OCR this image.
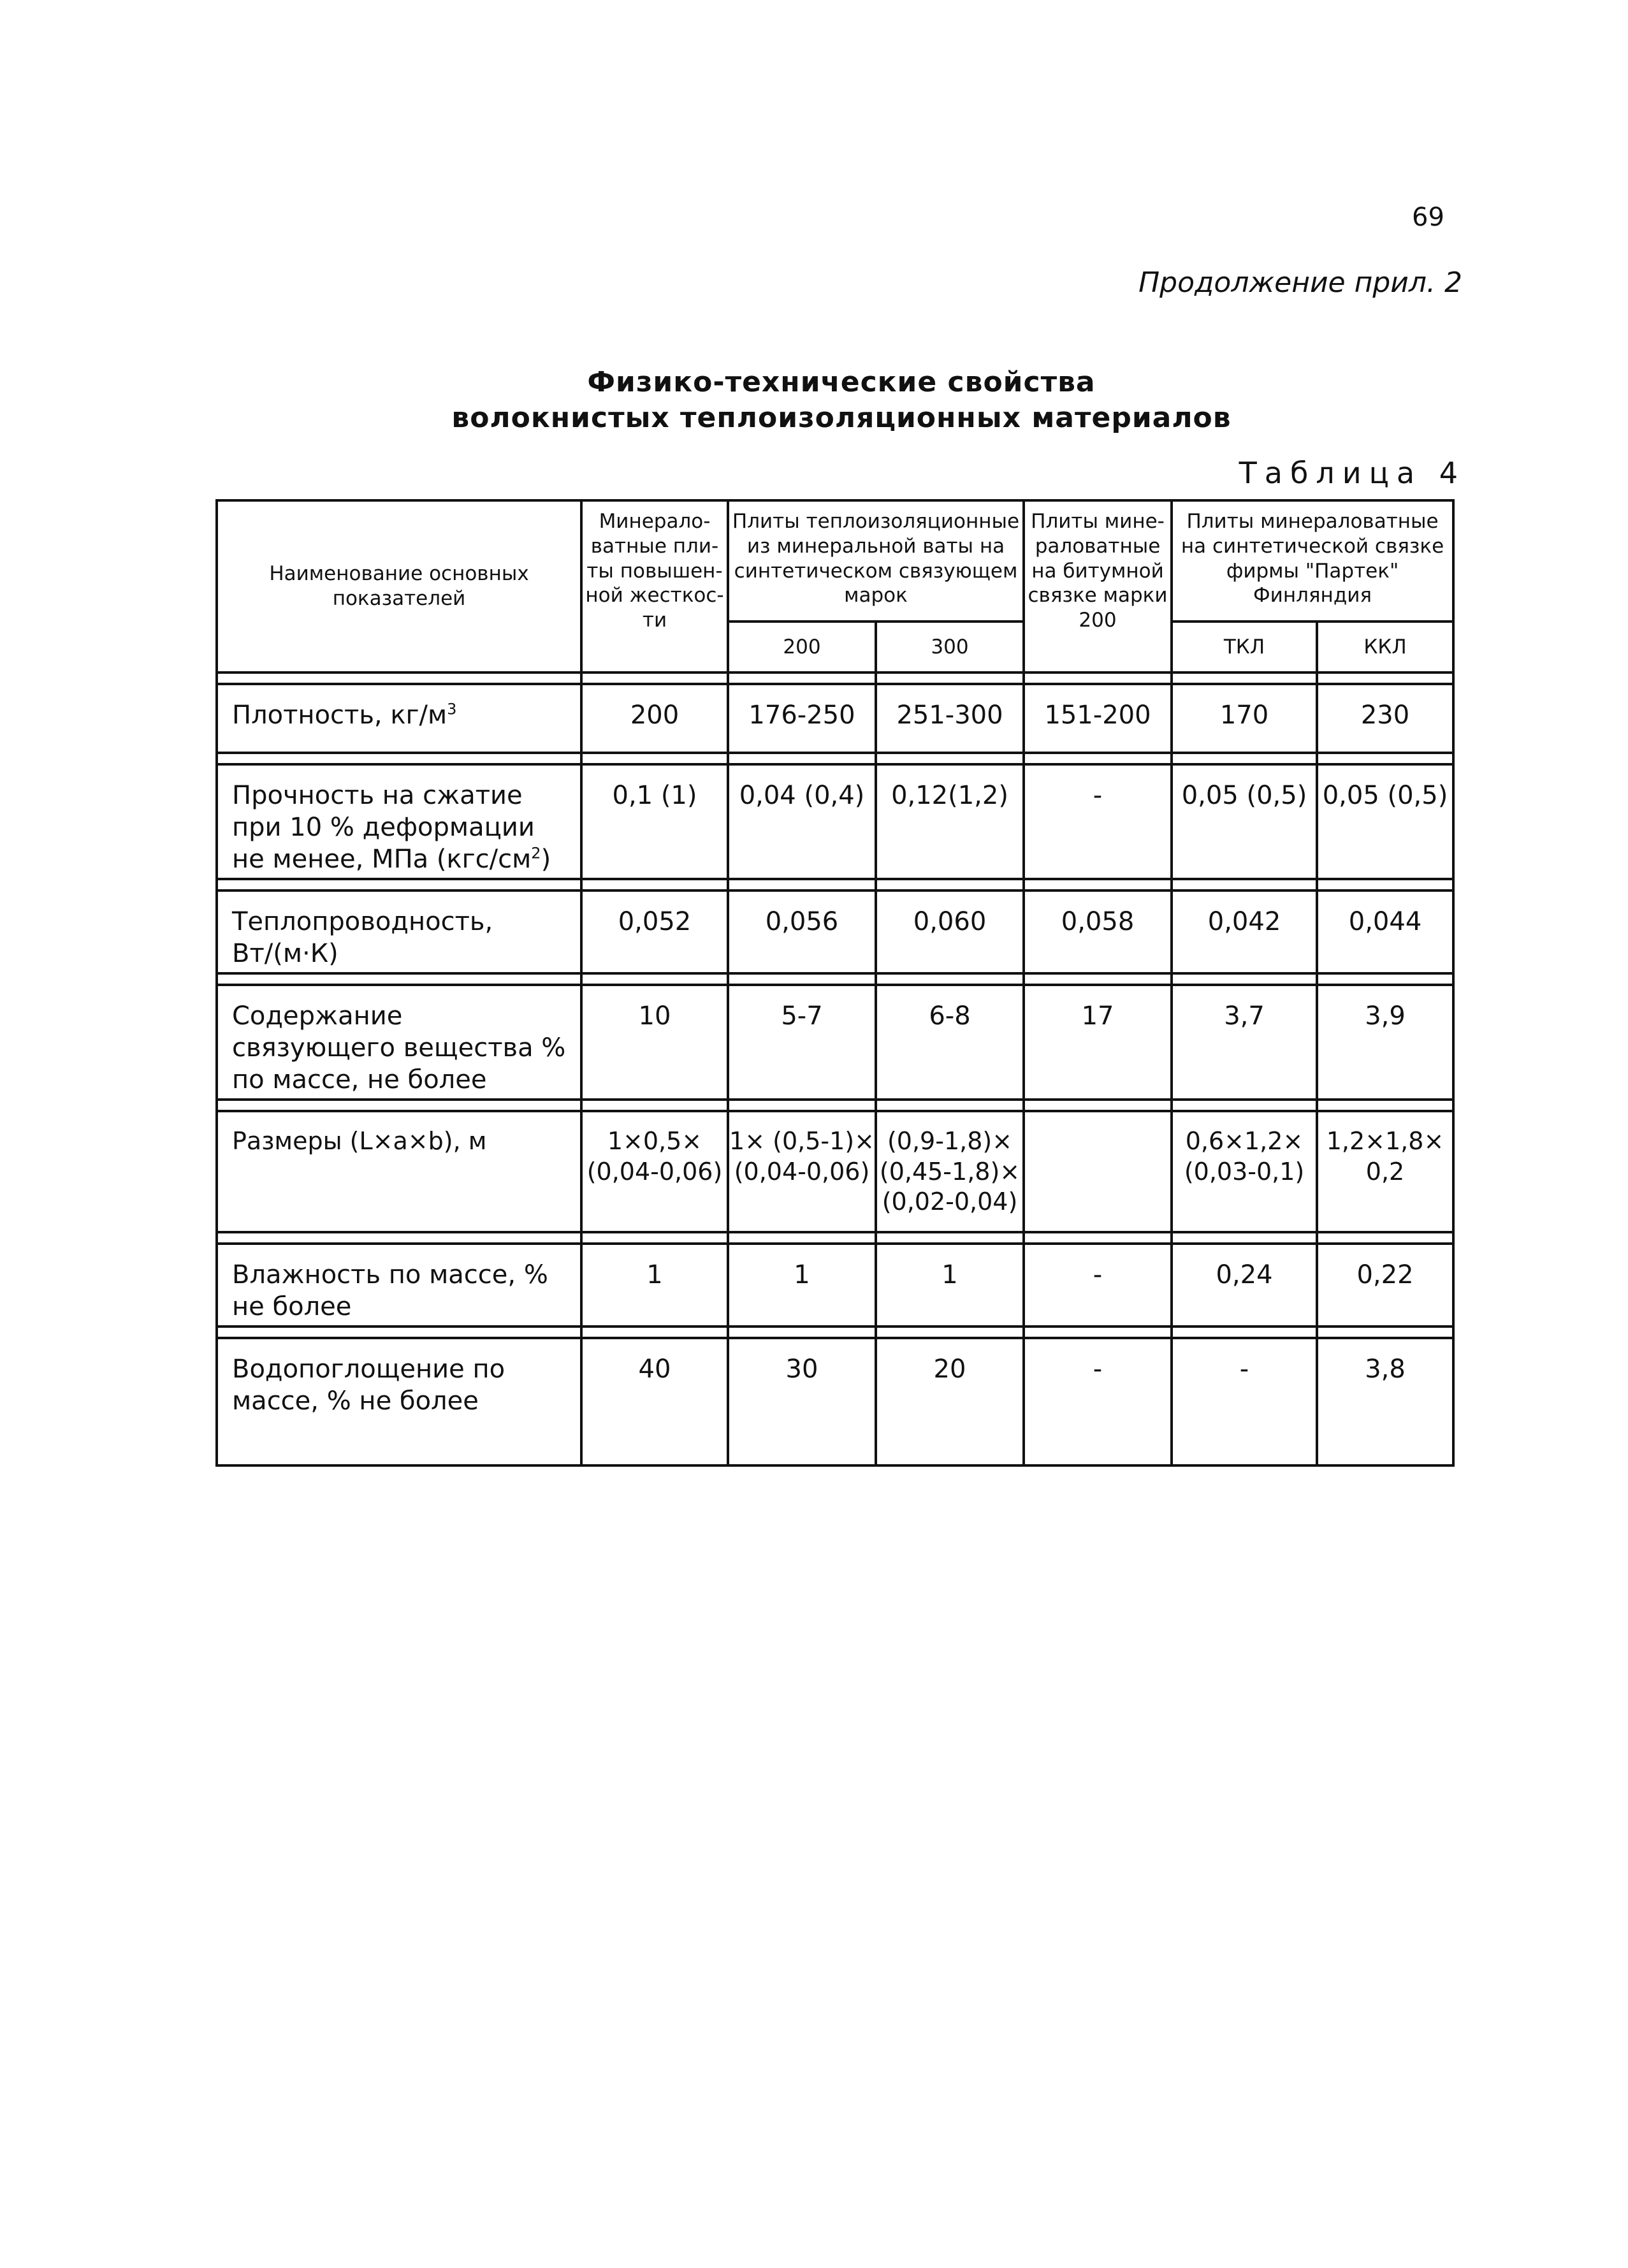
69
Продолжение прил. 2
Физико-технические свойства
волокнистых теплоизоляционных материалов
Таблица 4
Наименование основных показателей	Минерало-ватные пли-ты повышен-ной жесткос-ти	Плиты теплоизоляционные из минеральной ваты на синтетическом связующем марок		Плиты мине-раловатные на битумной связке марки 200	Плиты минераловатные на синтетической связке фирмы "Партек" Финляндия	
		200	300		ТКЛ	ККЛ

Плотность, $кг/м^3$	200	176-250	251-300	151-200	170	230

Прочность на сжатие при 10 % деформации не менее, МПа $(кгс/см^2)$	0,1 (1)	0,04 (0,4)	0,12(1,2)	-	0,05 (0,5)	0,05 (0,5)

Теплопроводность, Вт/(м·К)	0,052	0,056	0,060	0,058	0,042	0,044

Содержание связующего вещества % по массе, не более	10	5-7	6-8	17	3,7	3,9

Размеры (L×a×b), м	1×0,5× (0,04-0,06)	1× (0,5-1)× (0,04-0,06)	(0,9-1,8)× (0,45-1,8)× (0,02-0,04)		0,6×1,2× (0,03-0,1)	1,2×1,8× 0,2

Влажность по массе, % не более	1	1	1	-	0,24	0,22

Водопоглощение по массе, % не более	40	30	20	-	-	3,8
